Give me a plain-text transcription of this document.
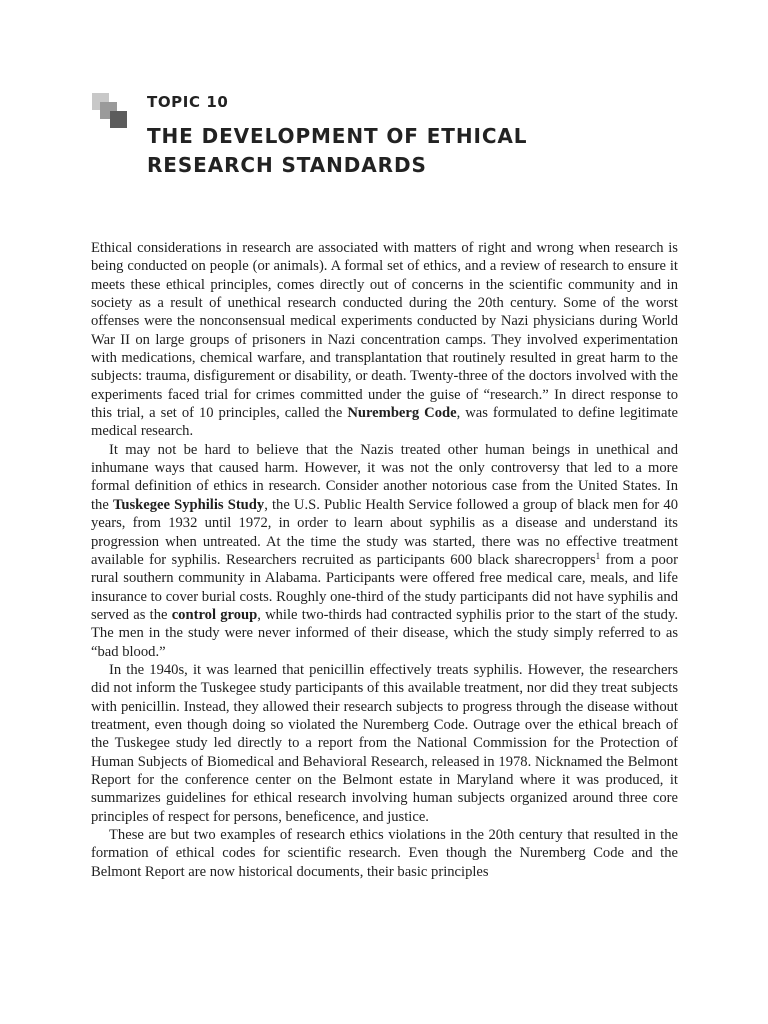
TOPIC 10
THE DEVELOPMENT OF ETHICAL
RESEARCH STANDARDS

Ethical considerations in research are associated with matters of right and wrong when research is being conducted on people (or animals). A formal set of ethics, and a review of research to ensure it meets these ethical principles, comes directly out of concerns in the scientific community and in society as a result of unethical research conducted during the 20th century. Some of the worst offenses were the nonconsensual medical experiments conducted by Nazi physicians during World War II on large groups of prisoners in Nazi concentration camps. They involved experimentation with medications, chemical warfare, and transplantation that routinely resulted in great harm to the subjects: trauma, disfigurement or disability, or death. Twenty-three of the doctors involved with the experiments faced trial for crimes committed under the guise of “research.” In direct response to this trial, a set of 10 principles, called the Nuremberg Code, was formulated to define legitimate medical research.

It may not be hard to believe that the Nazis treated other human beings in unethical and inhumane ways that caused harm. However, it was not the only controversy that led to a more formal definition of ethics in research. Consider another notorious case from the United States. In the Tuskegee Syphilis Study, the U.S. Public Health Service followed a group of black men for 40 years, from 1932 until 1972, in order to learn about syphilis as a disease and understand its progression when untreated. At the time the study was started, there was no effective treatment available for syphilis. Researchers recruited as participants 600 black sharecroppers$^1$ from a poor rural southern community in Alabama. Participants were offered free medical care, meals, and life insurance to cover burial costs. Roughly one-third of the study participants did not have syphilis and served as the control group, while two-thirds had contracted syphilis prior to the start of the study. The men in the study were never informed of their disease, which the study simply referred to as “bad blood.”

In the 1940s, it was learned that penicillin effectively treats syphilis. However, the researchers did not inform the Tuskegee study participants of this available treatment, nor did they treat subjects with penicillin. Instead, they allowed their research subjects to progress through the disease without treatment, even though doing so violated the Nuremberg Code. Outrage over the ethical breach of the Tuskegee study led directly to a report from the National Commission for the Protection of Human Subjects of Biomedical and Behavioral Research, released in 1978. Nicknamed the Belmont Report for the conference center on the Belmont estate in Maryland where it was produced, it summarizes guidelines for ethical research involving human subjects organized around three core principles of respect for persons, beneficence, and justice.

These are but two examples of research ethics violations in the 20th century that resulted in the formation of ethical codes for scientific research. Even though the Nuremberg Code and the Belmont Report are now historical documents, their basic principles
